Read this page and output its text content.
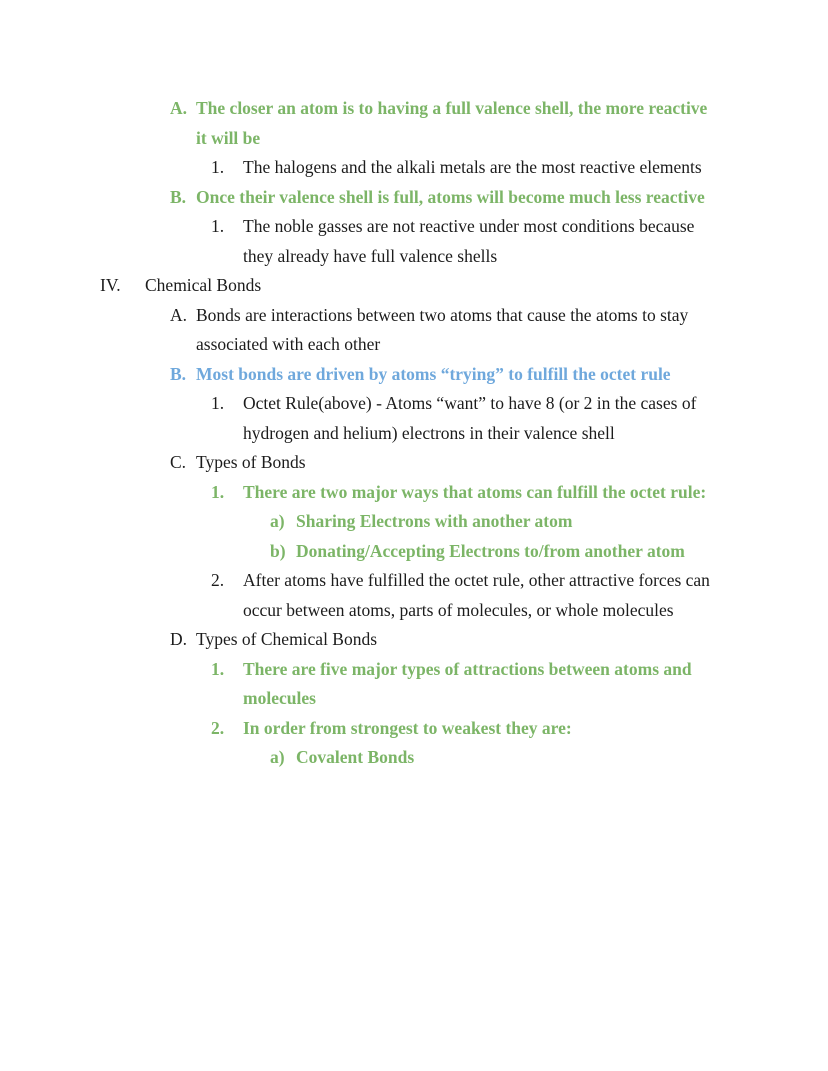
A. The closer an atom is to having a full valence shell, the more reactive it will be
1.	The halogens and the alkali metals are the most reactive elements
B. Once their valence shell is full, atoms will become much less reactive
1.	The noble gasses are not reactive under most conditions because they already have full valence shells
IV.	Chemical Bonds
A. Bonds are interactions between two atoms that cause the atoms to stay associated with each other
B. Most bonds are driven by atoms “trying” to fulfill the octet rule
1.	Octet Rule(above) - Atoms “want” to have 8 (or 2 in the cases of hydrogen and helium) electrons in their valence shell
C. Types of Bonds
1.	There are two major ways that atoms can fulfill the octet rule:
a) Sharing Electrons with another atom
b) Donating/Accepting Electrons to/from another atom
2.	After atoms have fulfilled the octet rule, other attractive forces can occur between atoms, parts of molecules, or whole molecules
D. Types of Chemical Bonds
1.	There are five major types of attractions between atoms and molecules
2.	In order from strongest to weakest they are:
a) Covalent Bonds
